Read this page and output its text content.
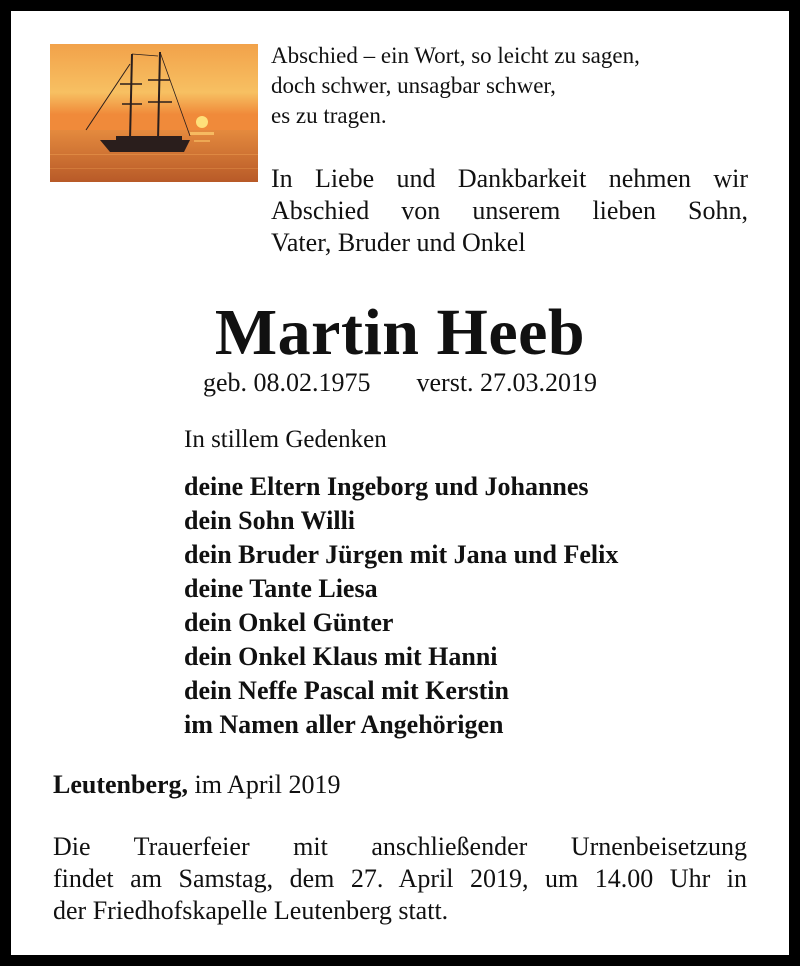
Abschied – ein Wort, so leicht zu sagen,
doch schwer, unsagbar schwer,
es zu tragen.
In Liebe und Dankbarkeit nehmen wir
Abschied von unserem lieben Sohn,
Vater, Bruder und Onkel
Martin Heeb
geb. 08.02.1975 verst. 27.03.2019
In stillem Gedenken
deine Eltern Ingeborg und Johannes
dein Sohn Willi
dein Bruder Jürgen mit Jana und Felix
deine Tante Liesa
dein Onkel Günter
dein Onkel Klaus mit Hanni
dein Neffe Pascal mit Kerstin
im Namen aller Angehörigen
Leutenberg, im April 2019
Die Trauerfeier mit anschließender Urnenbeisetzung
findet am Samstag, dem 27. April 2019, um 14.00 Uhr in
der Friedhofskapelle Leutenberg statt.
